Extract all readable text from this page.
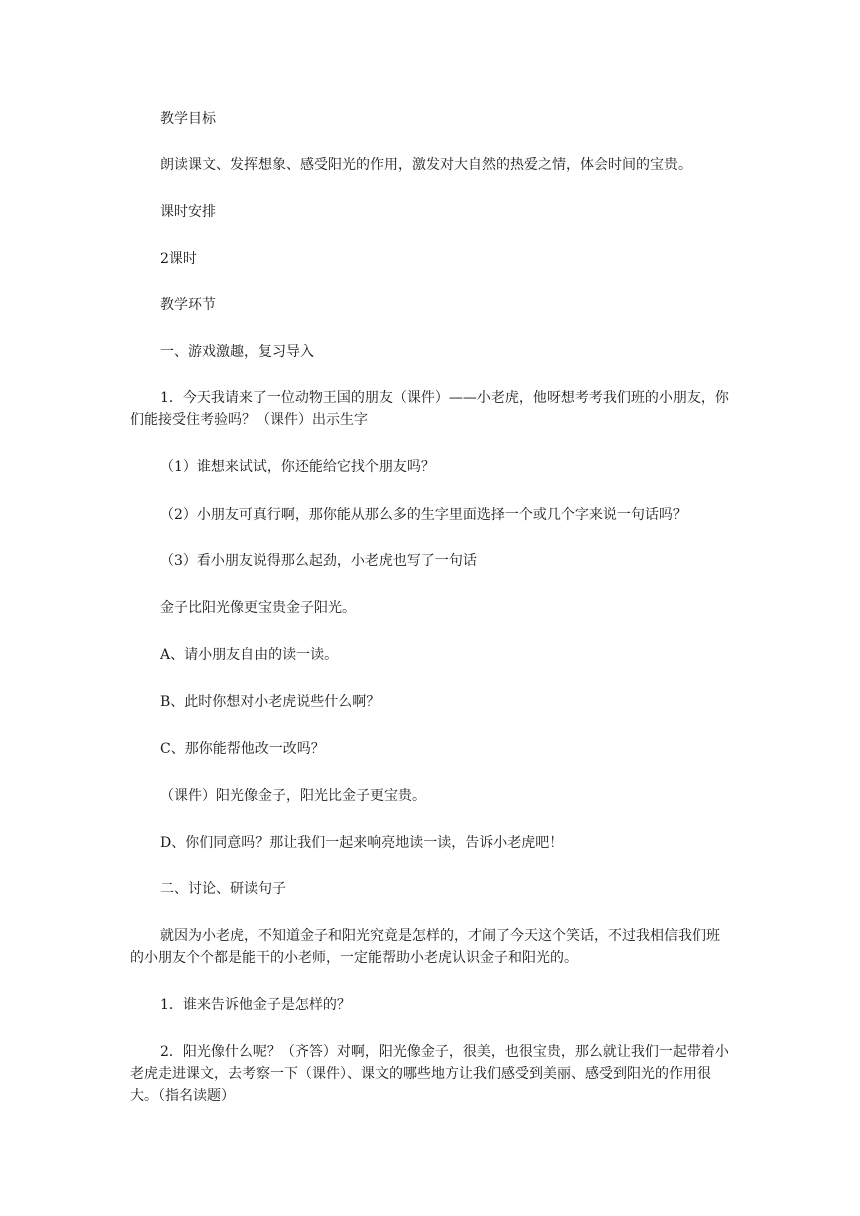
教学目标

朗读课文、发挥想象、感受阳光的作用，激发对大自然的热爱之情，体会时间的宝贵。

课时安排

2课时

教学环节

一、游戏激趣，复习导入

1．今天我请来了一位动物王国的朋友（课件）——小老虎，他呀想考考我们班的小朋友，你们能接受住考验吗？（课件）出示生字

（1）谁想来试试，你还能给它找个朋友吗？

（2）小朋友可真行啊，那你能从那么多的生字里面选择一个或几个字来说一句话吗？

（3）看小朋友说得那么起劲，小老虎也写了一句话

金子比阳光像更宝贵金子阳光。

A、请小朋友自由的读一读。

B、此时你想对小老虎说些什么啊？

C、那你能帮他改一改吗？

（课件）阳光像金子，阳光比金子更宝贵。

D、你们同意吗？那让我们一起来响亮地读一读，告诉小老虎吧！

二、讨论、研读句子

就因为小老虎，不知道金子和阳光究竟是怎样的，才闹了今天这个笑话，不过我相信我们班的小朋友个个都是能干的小老师，一定能帮助小老虎认识金子和阳光的。

1．谁来告诉他金子是怎样的？

2．阳光像什么呢？（齐答）对啊，阳光像金子，很美，也很宝贵，那么就让我们一起带着小老虎走进课文，去考察一下（课件）、课文的哪些地方让我们感受到美丽、感受到阳光的作用很大。（指名读题）
